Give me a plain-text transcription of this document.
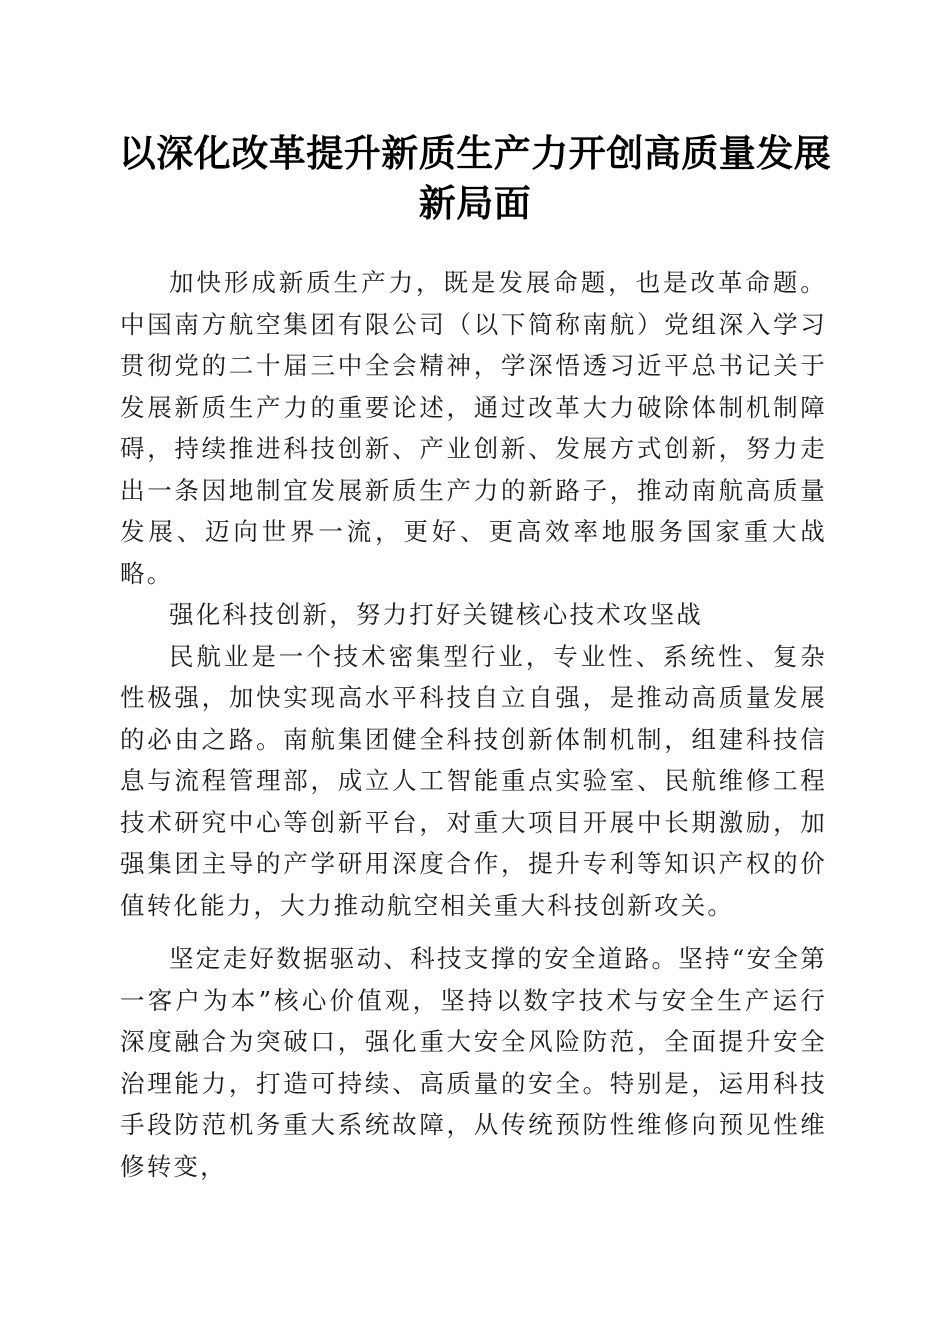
以深化改革提升新质生产力开创高质量发展新局面

加快形成新质生产力，既是发展命题，也是改革命题。中国南方航空集团有限公司（以下简称南航）党组深入学习贯彻党的二十届三中全会精神，学深悟透习近平总书记关于发展新质生产力的重要论述，通过改革大力破除体制机制障碍，持续推进科技创新、产业创新、发展方式创新，努力走出一条因地制宜发展新质生产力的新路子，推动南航高质量发展、迈向世界一流，更好、更高效率地服务国家重大战略。

强化科技创新，努力打好关键核心技术攻坚战

民航业是一个技术密集型行业，专业性、系统性、复杂性极强，加快实现高水平科技自立自强，是推动高质量发展的必由之路。南航集团健全科技创新体制机制，组建科技信息与流程管理部，成立人工智能重点实验室、民航维修工程技术研究中心等创新平台，对重大项目开展中长期激励，加强集团主导的产学研用深度合作，提升专利等知识产权的价值转化能力，大力推动航空相关重大科技创新攻关。

坚定走好数据驱动、科技支撑的安全道路。坚持“安全第一客户为本”核心价值观，坚持以数字技术与安全生产运行深度融合为突破口，强化重大安全风险防范，全面提升安全治理能力，打造可持续、高质量的安全。特别是，运用科技手段防范机务重大系统故障，从传统预防性维修向预见性维修转变，
